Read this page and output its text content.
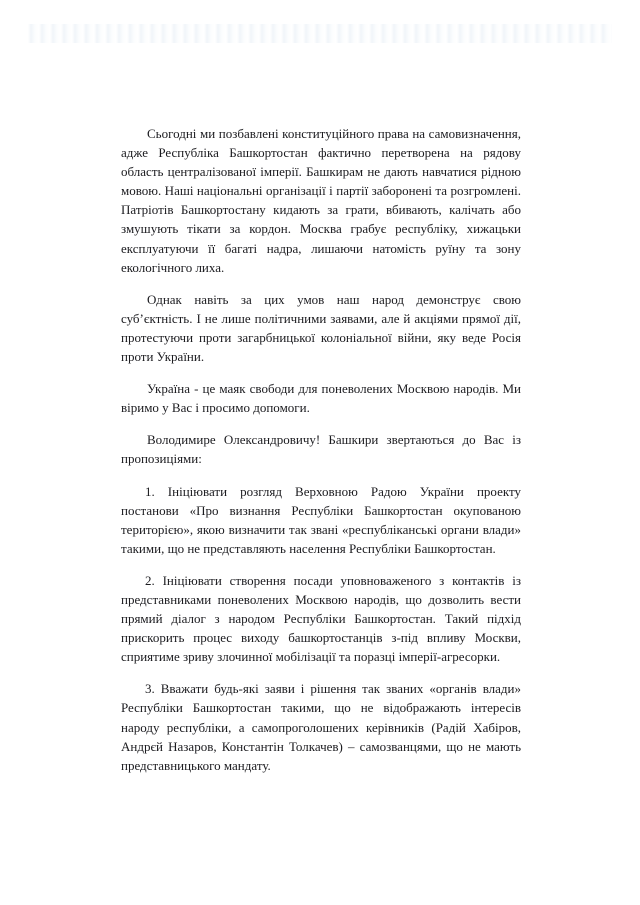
Сьогодні ми позбавлені конституційного права на самовизначення, адже Республіка Башкортостан фактично перетворена на рядову область централізованої імперії. Башкирам не дають навчатися рідною мовою. Наші національні організації і партії заборонені та розгромлені. Патріотів Башкортостану кидають за грати, вбивають, калічать або змушують тікати за кордон. Москва грабує республіку, хижацьки експлуатуючи її багаті надра, лишаючи натомість руїну та зону екологічного лиха.

Однак навіть за цих умов наш народ демонструє свою суб’єктність. І не лише політичними заявами, але й акціями прямої дії, протестуючи проти загарбницької колоніальної війни, яку веде Росія проти України.

Україна - це маяк свободи для поневолених Москвою народів. Ми віримо у Вас і просимо допомоги.

Володимире Олександровичу! Башкири звертаються до Вас із пропозиціями:

1. Ініціювати розгляд Верховною Радою України проекту постанови «Про визнання Республіки Башкортостан окупованою територією», якою визначити так звані «республіканські органи влади» такими, що не представляють населення Республіки Башкортостан.

2. Ініціювати створення посади уповноваженого з контактів із представниками поневолених Москвою народів, що дозволить вести прямий діалог з народом Республіки Башкортостан. Такий підхід прискорить процес виходу башкортостанців з-під впливу Москви, сприятиме зриву злочинної мобілізації та поразці імперії-агресорки.

3. Вважати будь-які заяви і рішення так званих «органів влади» Республіки Башкортостан такими, що не відображають інтересів народу республіки, а самопроголошених керівників (Радій Хабіров, Андрєй Назаров, Константін Толкачев) – самозванцями, що не мають представницького мандату.
